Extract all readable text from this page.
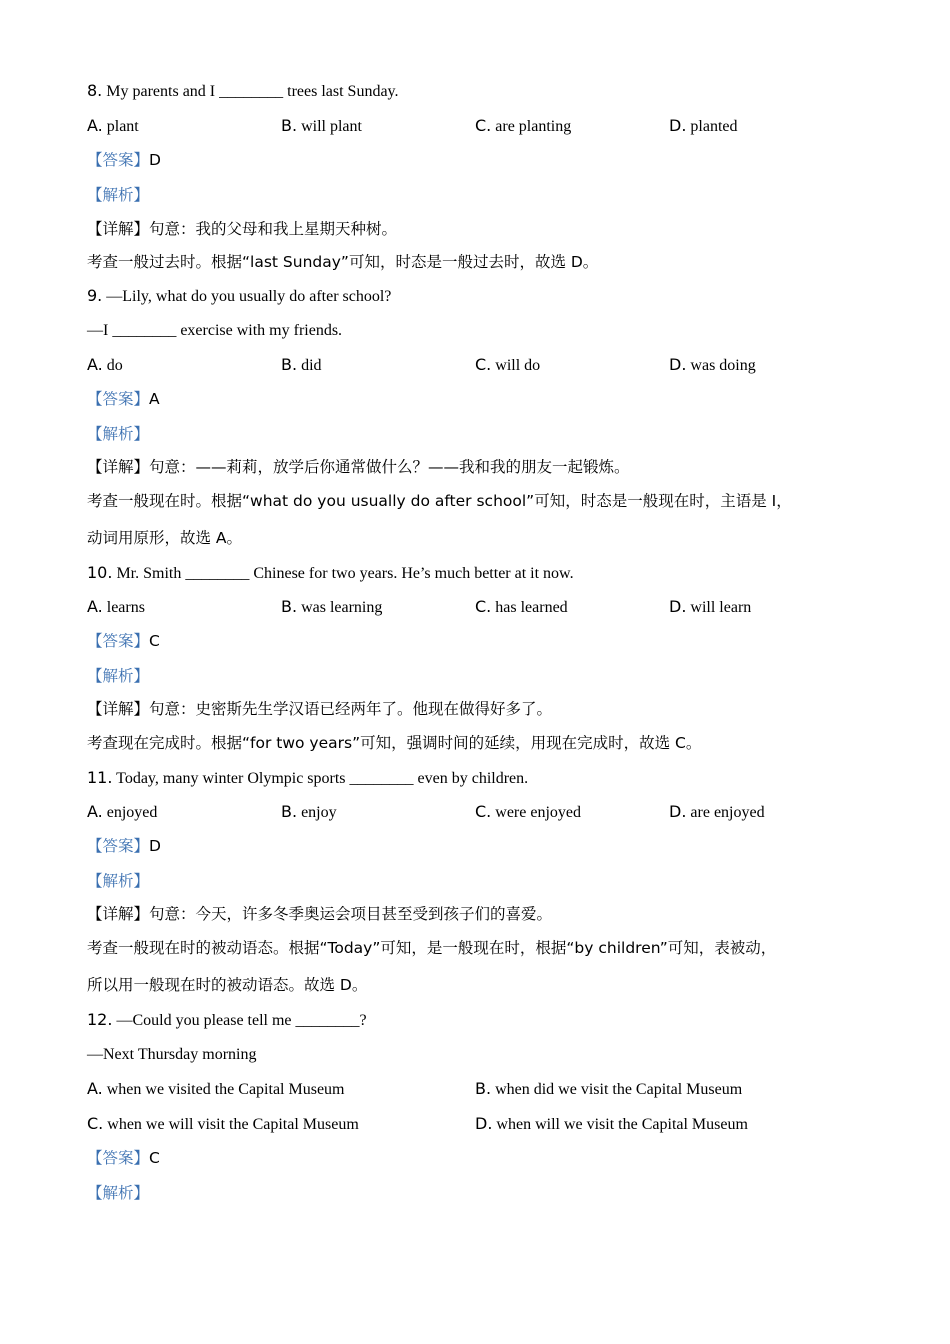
8. My parents and I ________ trees last Sunday.
A. plant	B. will plant	C. are planting	D. planted
【答案】D
【解析】
【详解】句意：我的父母和我上星期天种树。
考查一般过去时。根据“last Sunday”可知，时态是一般过去时，故选 D。
9. —Lily, what do you usually do after school?
—I ________ exercise with my friends.
A. do	B. did	C. will do	D. was doing
【答案】A
【解析】
【详解】句意：——莉莉，放学后你通常做什么？——我和我的朋友一起锻炼。
考查一般现在时。根据“what do you usually do after school”可知，时态是一般现在时，主语是 I，
动词用原形，故选 A。
10. Mr. Smith ________ Chinese for two years. He’s much better at it now.
A. learns	B. was learning	C. has learned	D. will learn
【答案】C
【解析】
【详解】句意：史密斯先生学汉语已经两年了。他现在做得好多了。
考查现在完成时。根据“for two years”可知，强调时间的延续，用现在完成时，故选 C。
11. Today, many winter Olympic sports ________ even by children.
A. enjoyed	B. enjoy	C. were enjoyed	D. are enjoyed
【答案】D
【解析】
【详解】句意：今天，许多冬季奥运会项目甚至受到孩子们的喜爱。
考查一般现在时的被动语态。根据“Today”可知，是一般现在时，根据“by children”可知，表被动，
所以用一般现在时的被动语态。故选 D。
12. —Could you please tell me ________?
—Next Thursday morning
A. when we visited the Capital Museum	B. when did we visit the Capital Museum
C. when we will visit the Capital Museum	D. when will we visit the Capital Museum
【答案】C
【解析】
